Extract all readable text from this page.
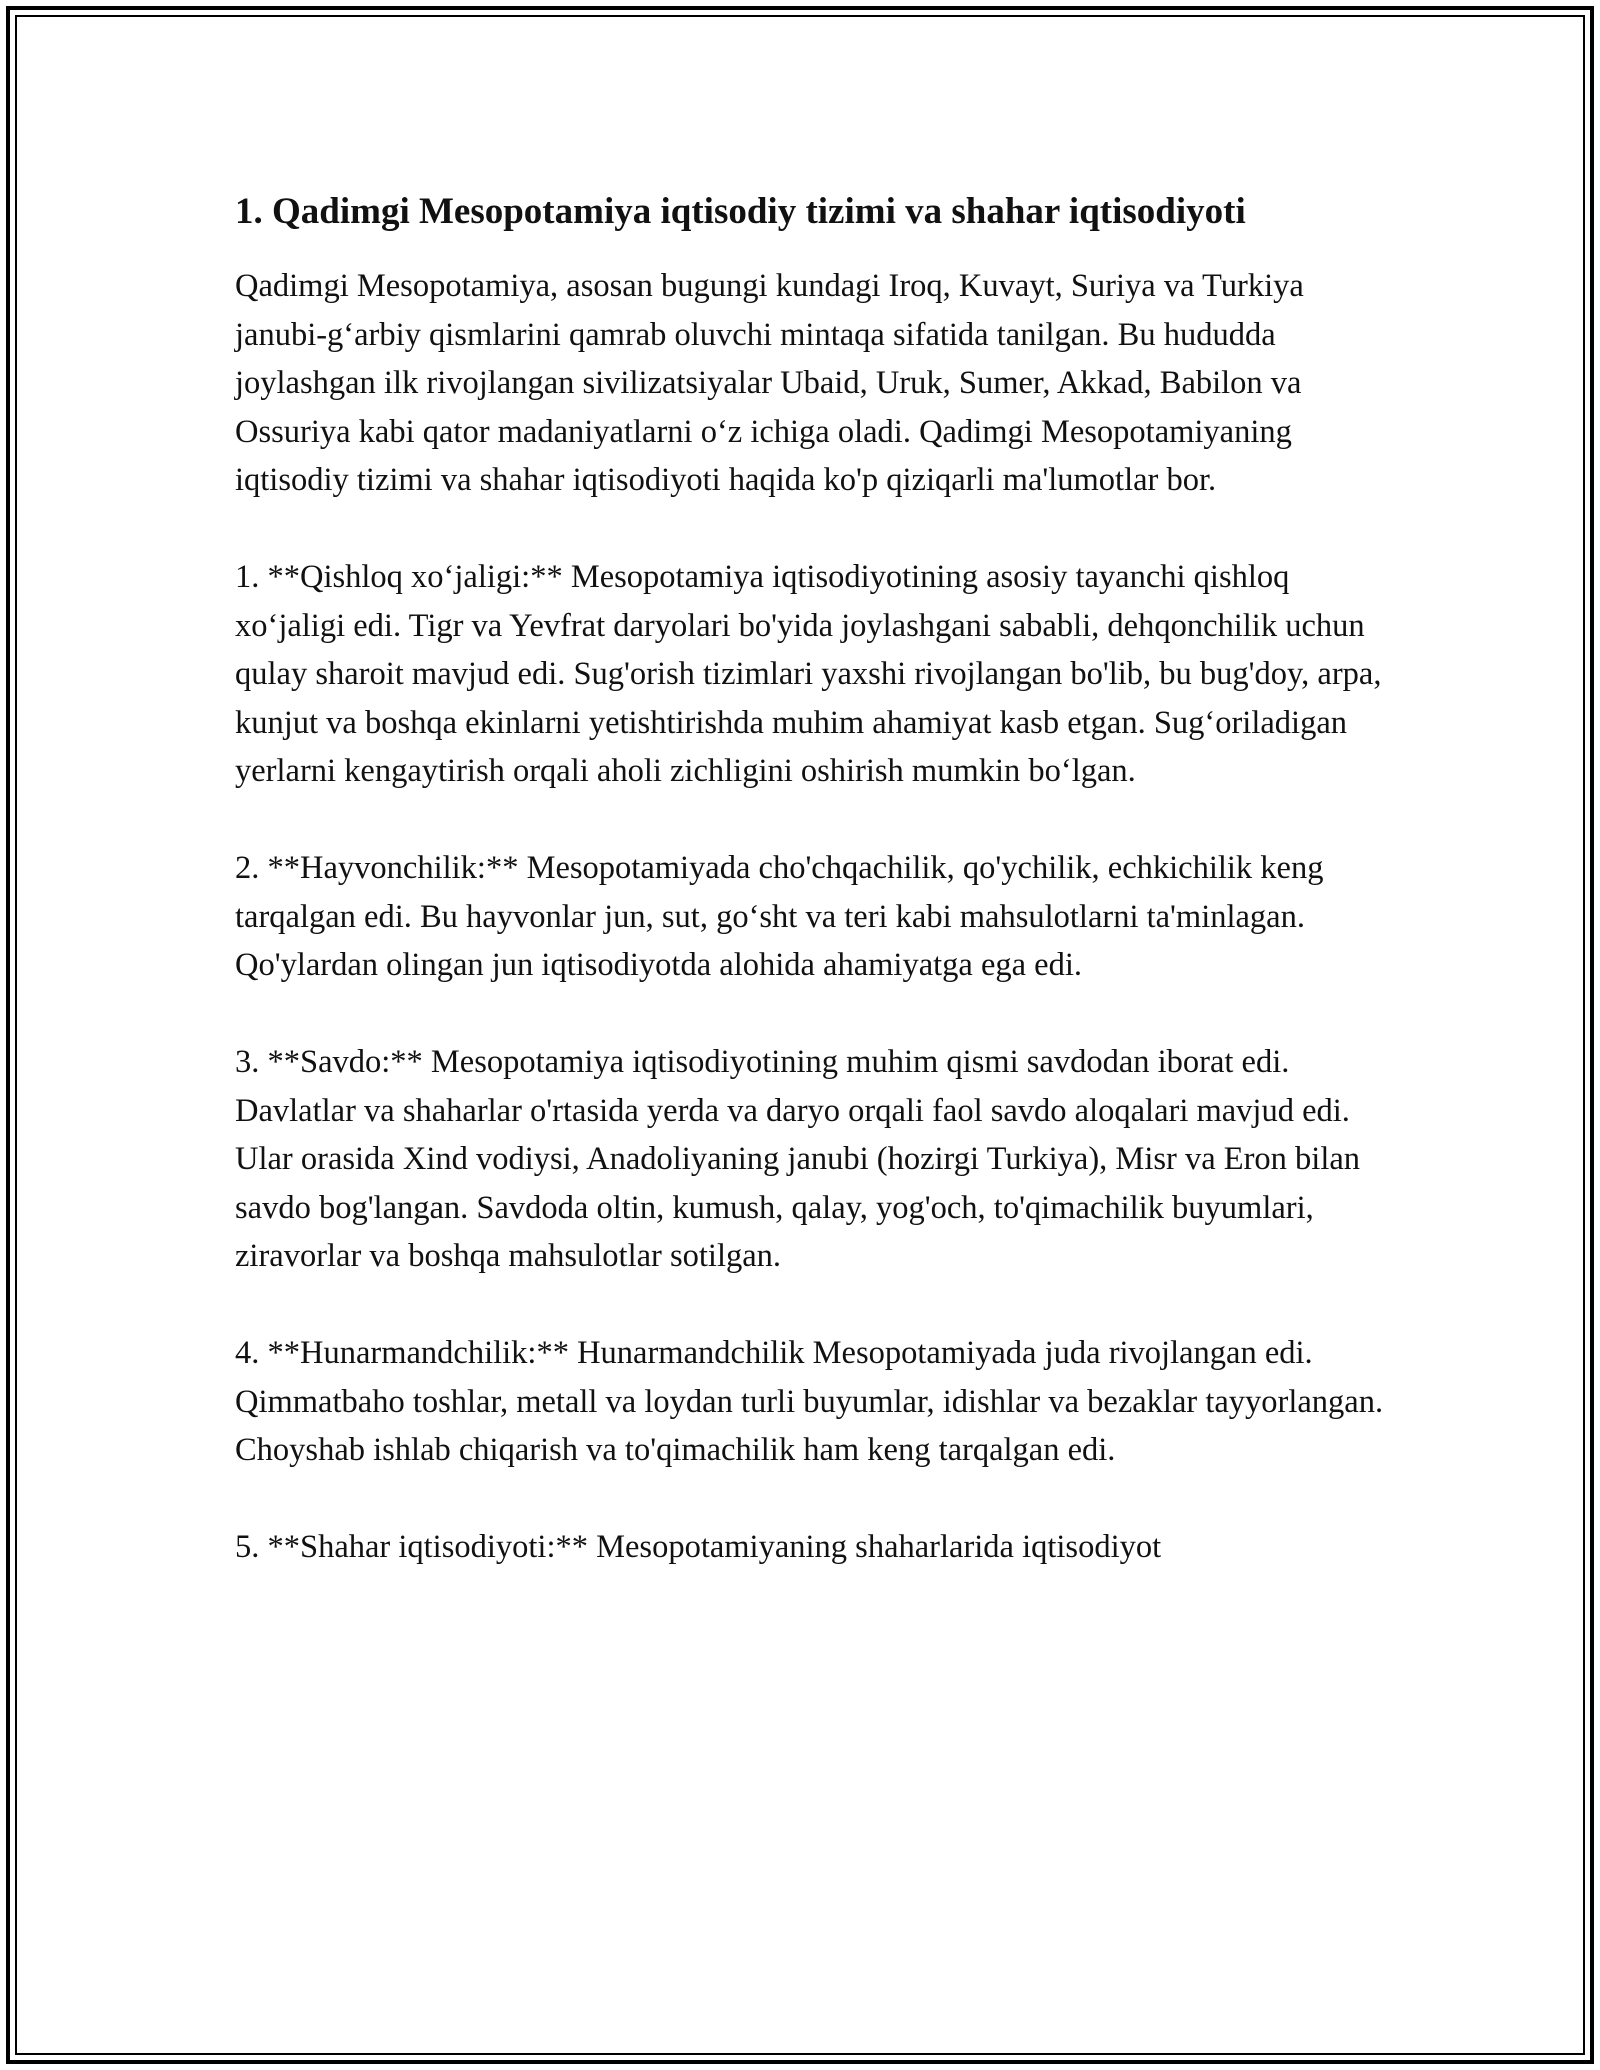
1. Qadimgi Mesopotamiya iqtisodiy tizimi va shahar iqtisodiyoti

Qadimgi Mesopotamiya, asosan bugungi kundagi Iroq, Kuvayt, Suriya va Turkiya janubi-g‘arbiy qismlarini qamrab oluvchi mintaqa sifatida tanilgan. Bu hududda joylashgan ilk rivojlangan sivilizatsiyalar Ubaid, Uruk, Sumer, Akkad, Babilon va Ossuriya kabi qator madaniyatlarni o‘z ichiga oladi. Qadimgi Mesopotamiyaning iqtisodiy tizimi va shahar iqtisodiyoti haqida ko'p qiziqarli ma'lumotlar bor.

1. **Qishloq xo‘jaligi:** Mesopotamiya iqtisodiyotining asosiy tayanchi qishloq xo‘jaligi edi. Tigr va Yevfrat daryolari bo'yida joylashgani sababli, dehqonchilik uchun qulay sharoit mavjud edi. Sug'orish tizimlari yaxshi rivojlangan bo'lib, bu bug'doy, arpa, kunjut va boshqa ekinlarni yetishtirishda muhim ahamiyat kasb etgan. Sug‘oriladigan yerlarni kengaytirish orqali aholi zichligini oshirish mumkin bo‘lgan.

2. **Hayvonchilik:** Mesopotamiyada cho'chqachilik, qo'ychilik, echkichilik keng tarqalgan edi. Bu hayvonlar jun, sut, go‘sht va teri kabi mahsulotlarni ta'minlagan. Qo'ylardan olingan jun iqtisodiyotda alohida ahamiyatga ega edi.

3. **Savdo:** Mesopotamiya iqtisodiyotining muhim qismi savdodan iborat edi. Davlatlar va shaharlar o'rtasida yerda va daryo orqali faol savdo aloqalari mavjud edi. Ular orasida Xind vodiysi, Anadoliyaning janubi (hozirgi Turkiya), Misr va Eron bilan savdo bog'langan. Savdoda oltin, kumush, qalay, yog'och, to'qimachilik buyumlari, ziravorlar va boshqa mahsulotlar sotilgan.

4. **Hunarmandchilik:** Hunarmandchilik Mesopotamiyada juda rivojlangan edi. Qimmatbaho toshlar, metall va loydan turli buyumlar, idishlar va bezaklar tayyorlangan. Choyshab ishlab chiqarish va to'qimachilik ham keng tarqalgan edi.

5. **Shahar iqtisodiyoti:** Mesopotamiyaning shaharlarida iqtisodiyot
